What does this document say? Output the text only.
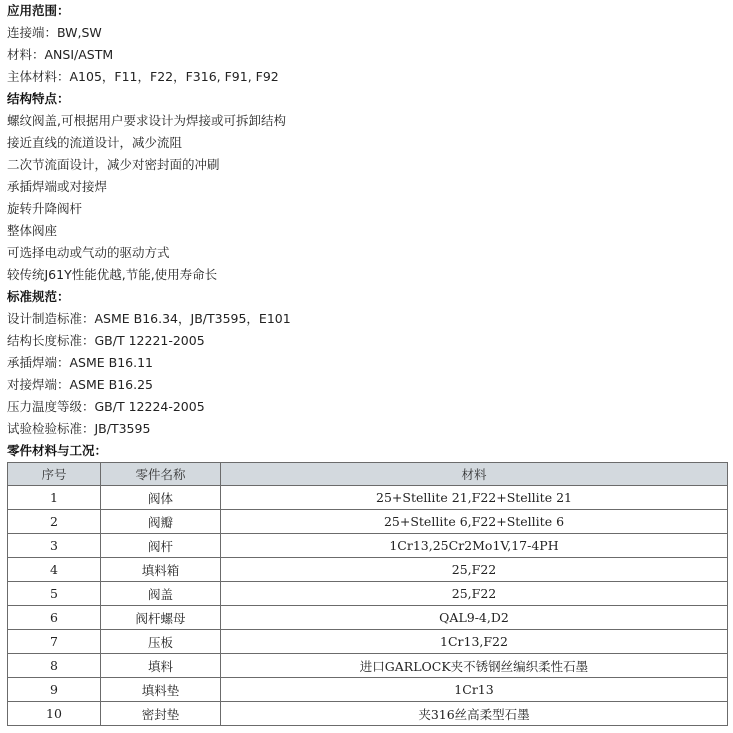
应用范围：
连接端：BW,SW
材料：ANSI/ASTM
主体材料：A105，F11，F22，F316, F91, F92
结构特点：
螺纹阀盖,可根据用户要求设计为焊接或可拆卸结构
接近直线的流道设计，减少流阻
二次节流面设计，减少对密封面的冲刷
承插焊端或对接焊
旋转升降阀杆
整体阀座
可选择电动或气动的驱动方式
较传统J61Y性能优越,节能,使用寿命长
标准规范：
设计制造标准：ASME B16.34，JB/T3595，E101
结构长度标准：GB/T 12221-2005
承插焊端：ASME B16.11
对接焊端：ASME B16.25
压力温度等级：GB/T 12224-2005
试验检验标准：JB/T3595
零件材料与工况：
序号	零件名称	材料
1	阀体	25+Stellite 21,F22+Stellite 21
2	阀瓣	25+Stellite 6,F22+Stellite 6
3	阀杆	1Cr13,25Cr2Mo1V,17-4PH
4	填料箱	25,F22
5	阀盖	25,F22
6	阀杆螺母	QAL9-4,D2
7	压板	1Cr13,F22
8	填料	进口GARLOCK夹不锈钢丝编织柔性石墨
9	填料垫	1Cr13
10	密封垫	夹316丝高柔型石墨
